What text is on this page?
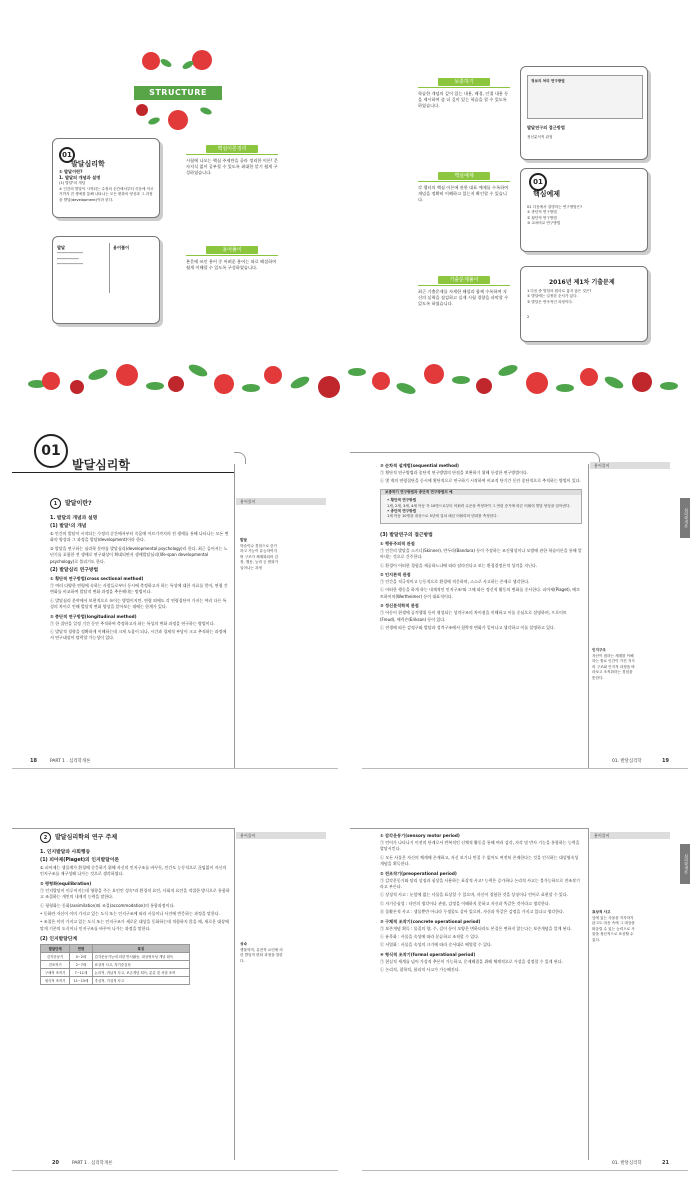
STRUCTURE
01
발달심리학
① 발달이란?
1. 발달의 개념과 설명
(1) 발달¹의 개념
① 인간의 발달이 시작되는 수정의 순간에서부터 죽음에 이르기까지 전 생애를 통해 나타나는 모든 변화의 양상과 그 과정을 발달(development)이라 한다.
발달
━━━━━━━━━━━━
━━━━━━━━━━
━━━━━━━━━━━━
용어풀이
핵심이론정리
시험에 나오는 핵심 주제만을 골라 정리한 이론! 문자지식 없이 공부할 수 있도록 최대한 알기 쉽게 구성하였습니다.
용어풀이
본문에 쓰인 용어 중 어려운 용어는 따로 해설하여 쉽게 이해할 수 있도록 구성하였습니다.
보충하기
학습한 개념의 깊이 있는 내용, 배경, 인접 내용 등을 제시하여 좀 더 깊이 있는 학습을 할 수 있도록 하였습니다.
핵심예제
각 챕터의 핵심 이론에 관한 대표 예제를 수록하여 개념을 정확히 이해하고 있는지 확인할 수 있습니다.
기출문제풀이
최근 기출문제를 자세한 해설과 함께 수록하여 자신의 실력을 점검하고 실제 시험 경향을 파악할 수 있도록 하였습니다.
정보의 처리 연구방법
발달연구의 접근방법
정신분석적 관점
01
핵심예제
01 다음에서 설명하는 연구방법은?
① 종단적 연구방법
② 횡단적 연구방법
③ 교차비교 연구방법
2016년 제1차 기출문제
1 다음 중 발달의 원리로 옳지 않은 것은?
① 발달에는 일정한 순서가 있다.
② 발달은 연속적인 과정이다.
2
01
발달심리학
1	발달이란?
1. 발달의 개념과 설명
(1) 발달¹의 개념

① 인간의 발달이 시작되는 수정의 순간에서부터 죽음에 이르기까지의 전 생애를 통해 나타나는 모든 변화의 양상과 그 과정을 발달(development)이라 한다.

② 발달을 연구하는 심리학 분야를 발달심리(developmental psychology)라 한다. 최근 들어서는 노년기를 포함한 전 생애로 연구대상이 확대되면서 생애발달심리(life-span developmental psychology)로 불리기도 한다.

(2) 발달심리 연구방법
① 횡단적 연구방법(cross sectional method)

㉠ 여러 다양한 연령에 속하는 사람들로부터 동시에 측정하고자 하는 특성에 대한 자료를 얻어, 연령 간 변화를 비교하여 발달적 변화 과정을 추론해내는 방법이다.

㉡ 발달심리 분야에서 보편적으로 쓰이는 방법이지만, 연령 외에도 각 연령집단이 가지는 여러 다른 특성의 차이로 인해 발달적 변화 양상을 알아보는 데에는 한계가 있다.

② 종단적 연구방법(longitudinal method)

㉠ 한 집단을 일정 기간 동안 추적하여 측정하고자 하는 특성의 변화 과정을 연구하는 방법이다.

㉡ 발달적 경향을 정확하게 이해하는데 크게 도움이 되나, 시간과 경제적 부담이 크고 추적하는 과정에서 연구대상이 탈락할 가능성이 있다.

용어풀이
발달
학습이나 경험으로 증가하고 기능이 유능하여지며 구조가 체계화되어 감정, 행동, 능력 등 변화가 일어나는 과정
18	PART 1 . 심리학개론
③ 순차적 설계법(sequential method)

㉠ 횡단적 연구방법과 종단적 연구방법의 단점을 보완하기 위해 등장한 연구방법이다.

㉡ 몇 개의 연령집단을 동시에 횡단적으로 연구하기 시작하여 비교적 단기간 동안 종단적으로 추적하는 방법이 있다.

보충하기 연구방법과 종단적 연구방법의 예
• 횡단적 연구방법
1세, 2세, 3세, 4세 아동 각 10명으로부터 어휘력 수준을 측정하여 그 연령 증가에 따른 어휘력 발달 양상을 알아낸다.
• 종단적 연구방법
1세 아동 10명을 대상으로 5년에 걸쳐 매년 어휘력의 변화를 측정한다.
(3) 발달연구의 접근방법
① 행동주의적 관점

㉠ 인간의 발달을 스키너(Skinner), 반두라(Bandura) 등이 주장하는 조건형성이나 모방에 관한 학습이론을 통해 알아내는 것으로 간주한다.

㉡ 환경이 어떠한 경험을 제공하느냐에 따라 달라진다고 보는 환경결정론적 성격을 지닌다.

② 인지론적 관점

㉠ 인간을 적극적이고 능동적으로 환경에 적응하며, 스스로 사고하는 존재로 생각한다.

㉡ 어떠한 행동을 하게 하는 내재적인 인지구조²와 그에 따른 정신적 활동의 변화를 중시한다. 피아제(Piaget), 베르트하이머(Wertheimer) 등이 대표적이다.

③ 정신분석학적 관점

㉠ 아동이 현생에 공격행위 등이 형성되는 성격구조의 차이점을 이해하고 이를 중심으로 설명하며, 프로이트(Freud), 에릭슨(Erikson) 등이 있다.

㉡ 전생에 따른 감정구와 발달과 성격구조에서 침략적 변화가 일어나고 생각하고 이를 설명하고 있다.

용어풀이
인지구조
자신이 접하는 세계를 이해하는 틀로 인간이 가진 지식의 구조와 인지적 과정을 바라보고 조직화하는 경험을 뜻한다.
심리학개론
01. 발달심리학	19
2	발달심리학의 연구 주제
1. 인지발달과 사회행동
(1) 피아제(Piaget)의 인지발달이론

① 피아제는 생물계가 환경에 순응하기 위해 자신의 인지구조를 바꾸듯, 인간도 능동적으로 끊임없이 자신의 인지구조를 재구성해 나가는 것으로 생각하였다.

② 평형화(equilibration)

㉠ 인지발달이 이루어지는데 영향을 주는 요인인 성숙³과 환경적 요인, 사회적 요인을 적절한 방식으로 통합하고 조절하는 개인의 내재적 능력을 말한다.

㉡ 평형화는 동화(assimilation)와 조절(accommodation)의 통합과정이다.

• 동화란 자신이 이미 가지고 있는 도식 또는 인지구조에 따라 사물이나 사건에 반응하는 과정을 말한다.

• 조절은 이미 가지고 있는 도식 또는 인지구조가 새로운 대상을 동화하는데 적합하지 않을 때, 새로운 대상에 맞게 기존의 도식이나 인지구조를 바꾸어 나가는 과정을 말한다.

(2) 인지발달단계
발달단계	연령	특징
감각운동기	0~2세	감각운동기능에 의한 반사활동, 대상영속성 개념 획득
전조작기	2~7세	표상적 사고, 자기중심성
구체적 조작기	7~11세	논리적, 귀납적 사고, 보존개념 획득, 분류 및 서열 조작
형식적 조작기	11~15세	추상적, 가설적 사고
용어풀이
성숙
생물학적, 유전적 요인에 의한 발달적 변화 과정을 말한다.
20	PART 1 . 심리학개론
① 감각운동기(sensory motor period)

㉠ 언어가 나타나기 이전의 단계로서 반복적인 신체적 활동을 통해 여러 감각, 자각 및 반사 기능을 통합하는 능력을 발달시킨다.

㉡ 모든 사물은 자신의 체계에 존재하고, 자신 보기나 만질 수 없어도 여전히 존재한다는 것을 인식하는 대상영속성 개념을 획득한다.

② 전조작기(preoperational period)

㉠ 감각운동기와 달리 상징과 심상을 사용하는 표상적 사고⁴ 능력은 증가하나 논리적 사고는 불가능하므로 전조작기라고 부른다.

㉡ 상징적 사고 : 눈앞에 없는 사물을 표상할 수 있으며, 자신이 경험한 것을 상징이나 언어로 표현할 수 있다.

㉢ 자기중심성 : 타인의 생각이나 관점, 감정을 이해하지 못하고 자신과 똑같은 것이라고 생각한다.

㉣ 물활론적 사고 : 생물뿐만 아니라 무생물도 살아 있으며, 자신과 똑같은 감정을 가지고 있다고 생각한다.

③ 구체적 조작기(concrete operational period)

㉠ 보존개념 획득 : 물질의 양, 수, 길이 등이 모양은 변하더라도 본질은 변하지 않는다는 보존개념을 알게 된다.

㉡ 유목화 : 사물을 속성에 따라 분류하고 조직할 수 있다.

㉢ 서열화 : 사물을 속성의 크기에 따라 순서대로 배열할 수 있다.

④ 형식적 조작기(formal operational period)

㉠ 현실적 세계를 넘어 가상적 추론이 가능하고, 문제해결을 위해 체계적으로 가설을 설정할 수 있게 된다.

㉡ 논리적, 철학적, 합리적 사고가 가능해진다.

용어풀이
표상적 사고
앞에 있는 사물을 지각하지 않고도 마음 속에 그 대상을 떠올릴 수 있는 능력으로 사물을 정신적으로 표상할 수 있다.
심리학개론
01. 발달심리학	21
